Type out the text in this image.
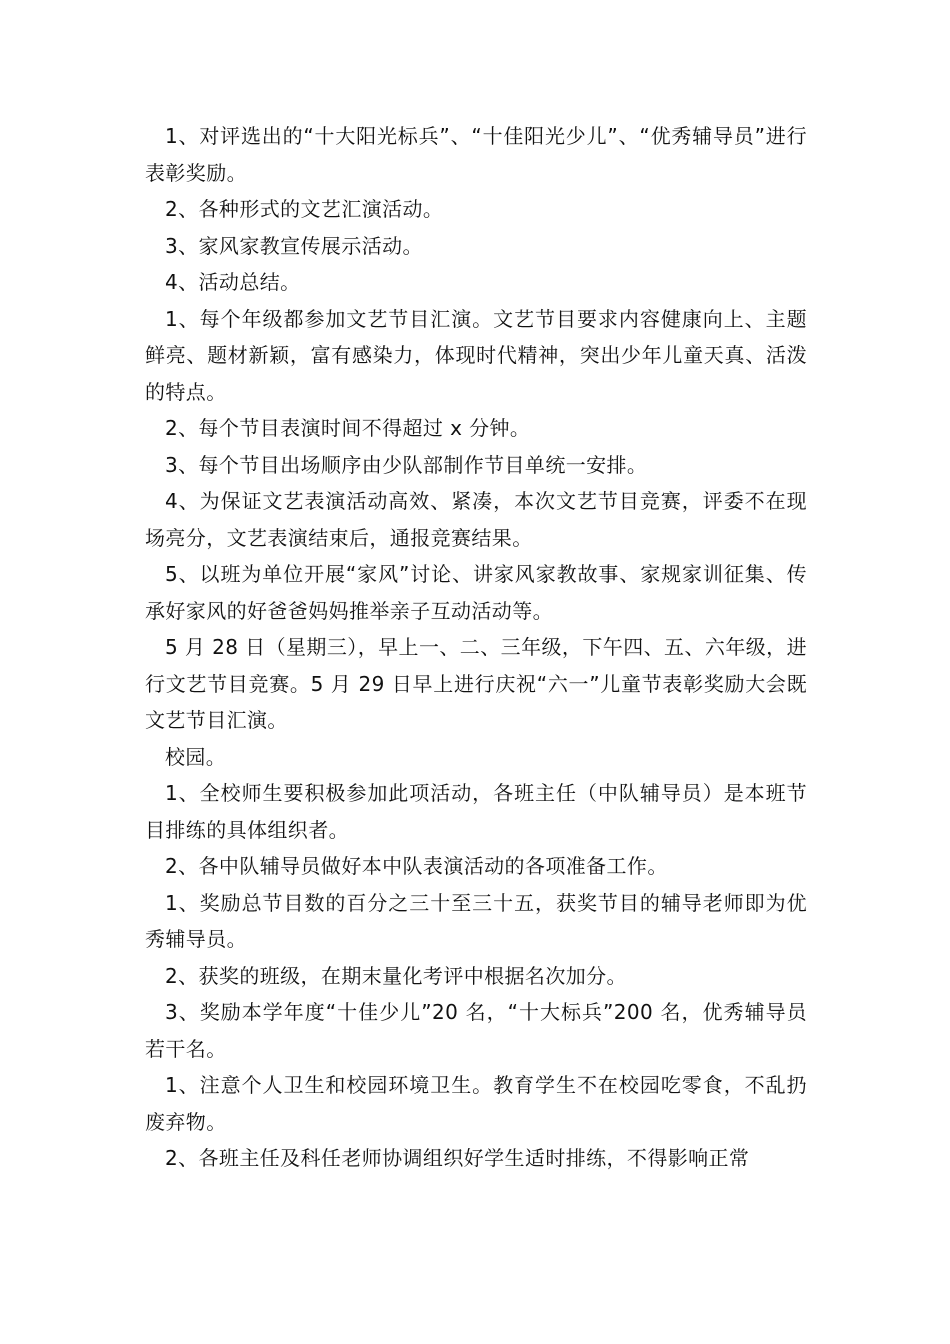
1、对评选出的“十大阳光标兵”、“十佳阳光少儿”、“优秀辅导员”进行表彰奖励。

2、各种形式的文艺汇演活动。

3、家风家教宣传展示活动。

4、活动总结。

1、每个年级都参加文艺节目汇演。文艺节目要求内容健康向上、主题鲜亮、题材新颖，富有感染力，体现时代精神，突出少年儿童天真、活泼的特点。

2、每个节目表演时间不得超过 x 分钟。

3、每个节目出场顺序由少队部制作节目单统一安排。

4、为保证文艺表演活动高效、紧凑，本次文艺节目竞赛，评委不在现场亮分，文艺表演结束后，通报竞赛结果。

5、以班为单位开展“家风”讨论、讲家风家教故事、家规家训征集、传承好家风的好爸爸妈妈推举亲子互动活动等。

5 月 28 日（星期三），早上一、二、三年级，下午四、五、六年级，进行文艺节目竞赛。5 月 29 日早上进行庆祝“六一”儿童节表彰奖励大会既文艺节目汇演。

校园。

1、全校师生要积极参加此项活动，各班主任（中队辅导员）是本班节目排练的具体组织者。

2、各中队辅导员做好本中队表演活动的各项准备工作。

1、奖励总节目数的百分之三十至三十五，获奖节目的辅导老师即为优秀辅导员。

2、获奖的班级，在期末量化考评中根据名次加分。

3、奖励本学年度“十佳少儿”20 名，“十大标兵”200 名，优秀辅导员若干名。

1、注意个人卫生和校园环境卫生。教育学生不在校园吃零食，不乱扔废弃物。

2、各班主任及科任老师协调组织好学生适时排练，不得影响正常
